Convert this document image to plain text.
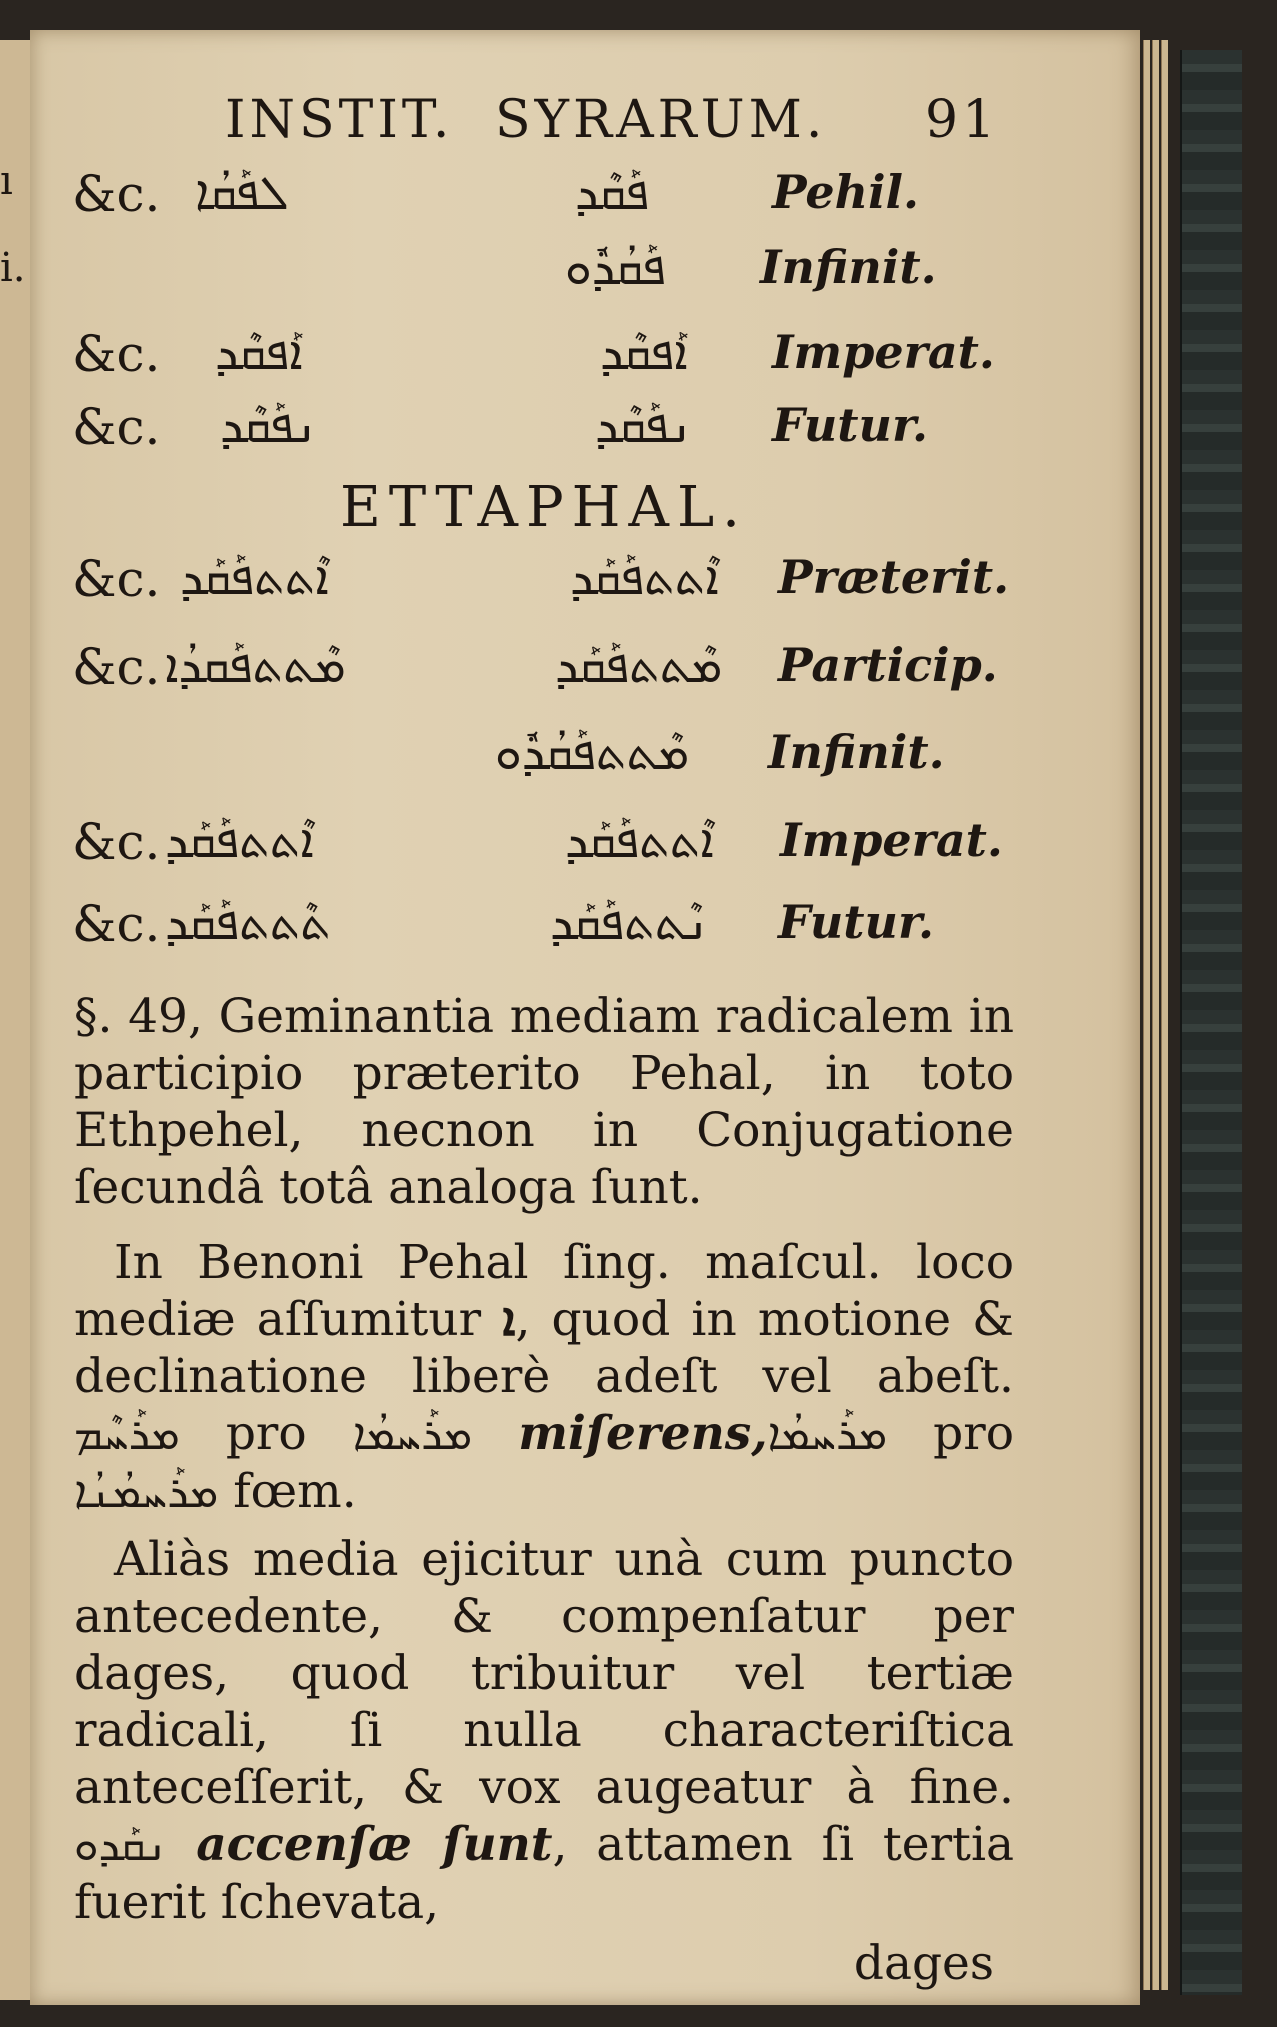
ı
i.
INSTIT. SYRARUM. 91
&c. ܠܦܰܩܳܐ	ܦܰܩܶܕ	Pehil.
ܦܰܩܳܕܽܘ Infinit.
&c. ܐܰܦܩܶܕ	ܐܰܦܩܶܕ Imperat.
&c. ܢܦܰܩܶܕ	ܢܦܰܩܶܕ Futur.
ETTAPHAL.
&c. ܐܶܬܬܦܰܩܰܕ	ܐܶܬܬܦܰܩܰܕ Præterit.
&c. ܡܶܬܬܦܰܩܕܳܐ	ܡܶܬܬܦܰܩܰܕ Particip.
ܡܶܬܬܦܰܩܳܕܽܘ Infinit.
&c. ܐܶܬܬܦܰܩܰܕ	ܐܶܬܬܦܰܩܰܕ Imperat.
&c. ܬܶܬܬܦܰܩܰܕ	ܢܶܬܬܦܰܩܰܕ Futur.

§. 49, Geminantia mediam radicalem in participio præterito Pehal, in toto Ethpehel, necnon in Conjugatione ſecundâ totâ analoga ſunt.

In Benoni Pehal ſing. maſcul. loco mediæ aſſumitur ܐ, quod in motione & declinatione liberè adeſt vel abeſt. ܡܪܰܚܶܡ pro ܡܪܰܚܡܳܐ miſerens,ܡܪܰܚܡܳܐ pro ܡܪܰܚܡܳܢܳܐ fœm.

Aliàs media ejicitur unà cum puncto antecedente, & compenſatur per dages, quod tribuitur vel tertiæ radicali, ſi nulla characteriſtica anteceſſerit, & vox augeatur à fine. ܢܩܰܕܘ accenſæ ſunt, attamen ſi tertia fuerit ſchevata,

dages
